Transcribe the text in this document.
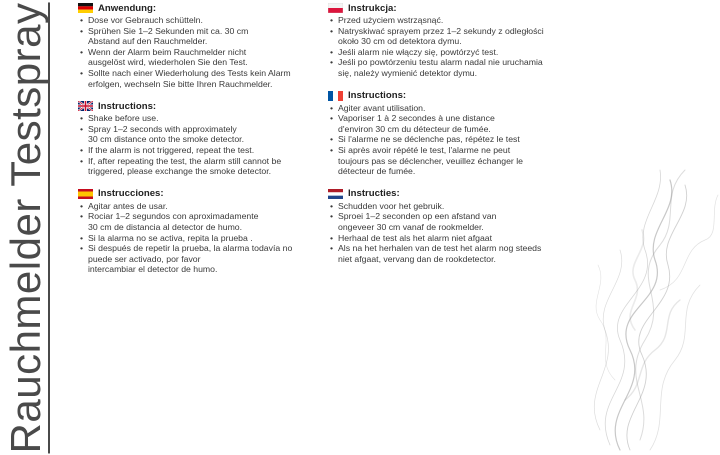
Rauchmelder Testspray	Anwendung:
• Dose vor Gebrauch schütteln.
• Sprühen Sie 1–2 Sekunden mit ca. 30 cm
Abstand auf den Rauchmelder.
• Wenn der Alarm beim Rauchmelder nicht
ausgelöst wird, wiederholen Sie den Test.
• Sollte nach einer Wiederholung des Tests kein Alarm
erfolgen, wechseln Sie bitte Ihren Rauchmelder.
Instructions:
• Shake before use.
• Spray 1–2 seconds with approximately
30 cm distance onto the smoke detector.
• If the alarm is not triggered, repeat the test.
• If, after repeating the test, the alarm still cannot be
triggered, please exchange the smoke detector.
Instrucciones:
• Agitar antes de usar.
• Rociar 1–2 segundos con aproximadamente
30 cm de distancia al detector de humo.
• Si la alarma no se activa, repita la prueba .
• Si después de repetir la prueba, la alarma todavía no
puede ser activado, por favor
intercambiar el detector de humo.
Instrukcja:
• Przed użyciem wstrząsnąć.
• Natryskiwać sprayem przez 1–2 sekundy z odległości
około 30 cm od detektora dymu.
• Jeśli alarm nie włączy się, powtórzyć test.
• Jeśli po powtórzeniu testu alarm nadal nie uruchamia
się, należy wymienić detektor dymu.
Instructions:
• Agiter avant utilisation.
• Vaporiser 1 à 2 secondes à une distance
d'environ 30 cm du détecteur de fumée.
• Si l'alarme ne se déclenche pas, répétez le test
• Si après avoir répété le test, l'alarme ne peut
toujours pas se déclencher, veuillez échanger le
détecteur de fumée.
Instructies:
• Schudden voor het gebruik.
• Sproei 1–2 seconden op een afstand van
ongeveer 30 cm vanaf de rookmelder.
• Herhaal de test als het alarm niet afgaat
• Als na het herhalen van de test het alarm nog steeds
niet afgaat, vervang dan de rookdetector.
